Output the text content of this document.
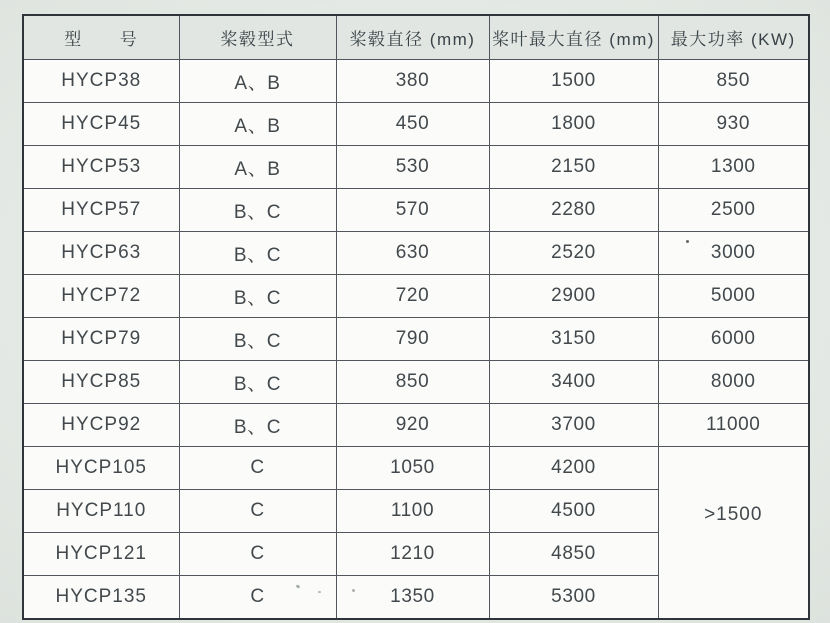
型　　号	桨毂型式	桨毂直径 (mm)	桨叶最大直径 (mm)	最大功率 (KW)
HYCP38	A、B	380	1500	850
HYCP45	A、B	450	1800	930
HYCP53	A、B	530	2150	1300
HYCP57	B、C	570	2280	2500
HYCP63	B、C	630	2520	3000
HYCP72	B、C	720	2900	5000
HYCP79	B、C	790	3150	6000
HYCP85	B、C	850	3400	8000
HYCP92	B、C	920	3700	11000
HYCP105	C	1050	4200	>1500
HYCP110	C	1100	4500	
HYCP121	C	1210	4850	
HYCP135	C	1350	5300	
